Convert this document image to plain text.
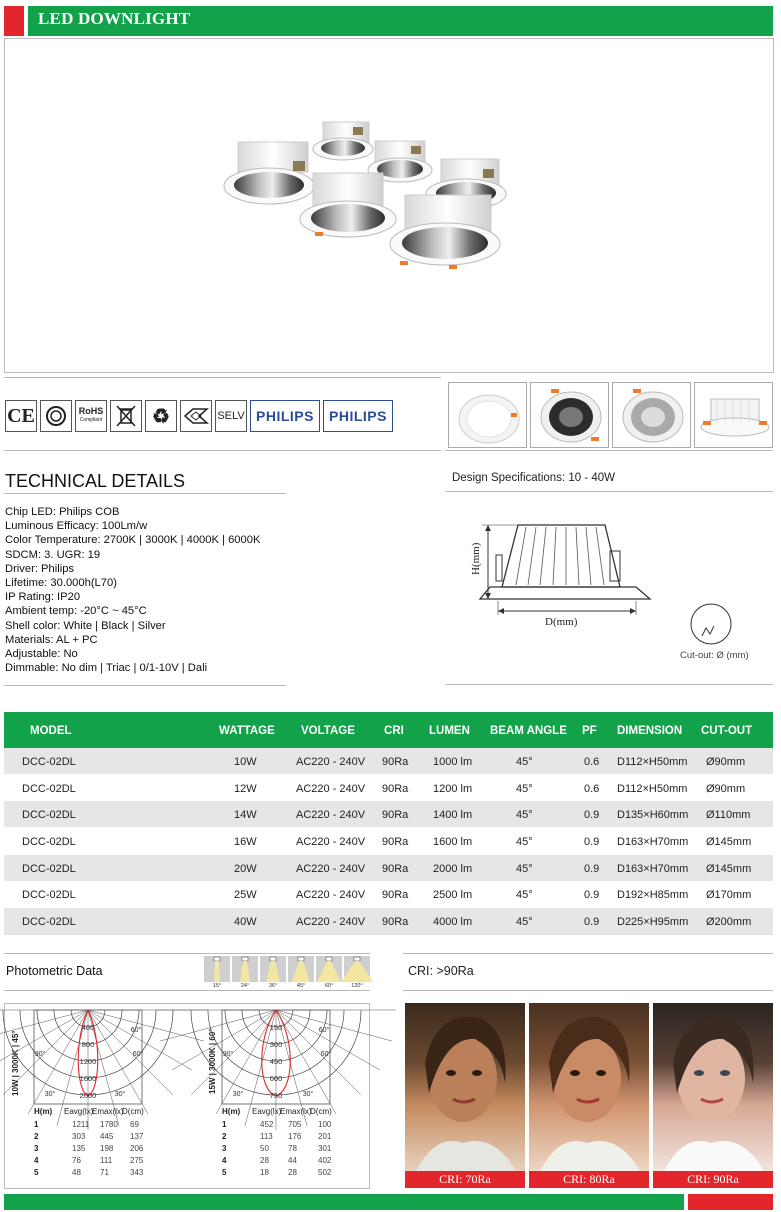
LED DOWNLIGHT
CE	RoHS
Compliant ♻	SELV PHILIPS PHILIPS
TECHNICAL DETAILS
Chip LED: Philips COB
Luminous Efficacy: 100Lm/w
Color Temperature: 2700K | 3000K | 4000K | 6000K
SDCM: 3. UGR: 19
Driver: Philips
Lifetime: 30.000h(L70)
IP Rating: IP20
Ambient temp: -20°C ~ 45°C
Shell color: White | Black | Silver
Materials: AL + PC
Adjustable: No
Dimmable: No dim | Triac | 0/1-10V | Dali
Design Specifications: 10 - 40W
H(mm)
D(mm)
Cut-out: Ø (mm)
MODEL	WATTAGE VOLTAGE	CRI LUMEN BEAM ANGLE PF DIMENSION CUT-OUT
DCC-02DL	10W	AC220 - 240V 90Ra 1000 lm	45°	0.6 D112×H50mm Ø90mm
DCC-02DL	12W	AC220 - 240V 90Ra 1200 lm	45°	0.6 D112×H50mm Ø90mm
DCC-02DL	14W	AC220 - 240V 90Ra 1400 lm	45°	0.9 D135×H60mm Ø110mm
DCC-02DL	16W	AC220 - 240V 90Ra 1600 lm	45°	0.9 D163×H70mm Ø145mm
DCC-02DL	20W	AC220 - 240V 90Ra 2000 lm	45°	0.9 D163×H70mm Ø145mm
DCC-02DL	25W	AC220 - 240V 90Ra 2500 lm	45°	0.9 D192×H85mm Ø170mm
DCC-02DL	40W	AC220 - 240V 90Ra 4000 lm	45°	0.9 D225×H95mm Ø200mm
Photometric Data
15°	24°	36°	45°	60°	120°
10W | 3000K | 45°
400
800
1200
1600
2000
90°	60°
30°	30°
60°
H(m) Eavg(lx)
Emax(lx)
D(cm)
1	1211 1780 69
2	303 445 137
3	135 198 206
4	76 111 275
5	48 71	343
15W | 3000K | 60°
150
300
450
600
750
90°	60°
30°	30°
60°
H(m) Eavg(lx)
Emax(lx)
D(cm)
1	452 705 100
2	113 176 201
3	50 78	301
4	28 44	402
5	18 28	502
CRI: >90Ra
CRI: 70Ra	CRI: 80Ra	CRI: 90Ra
